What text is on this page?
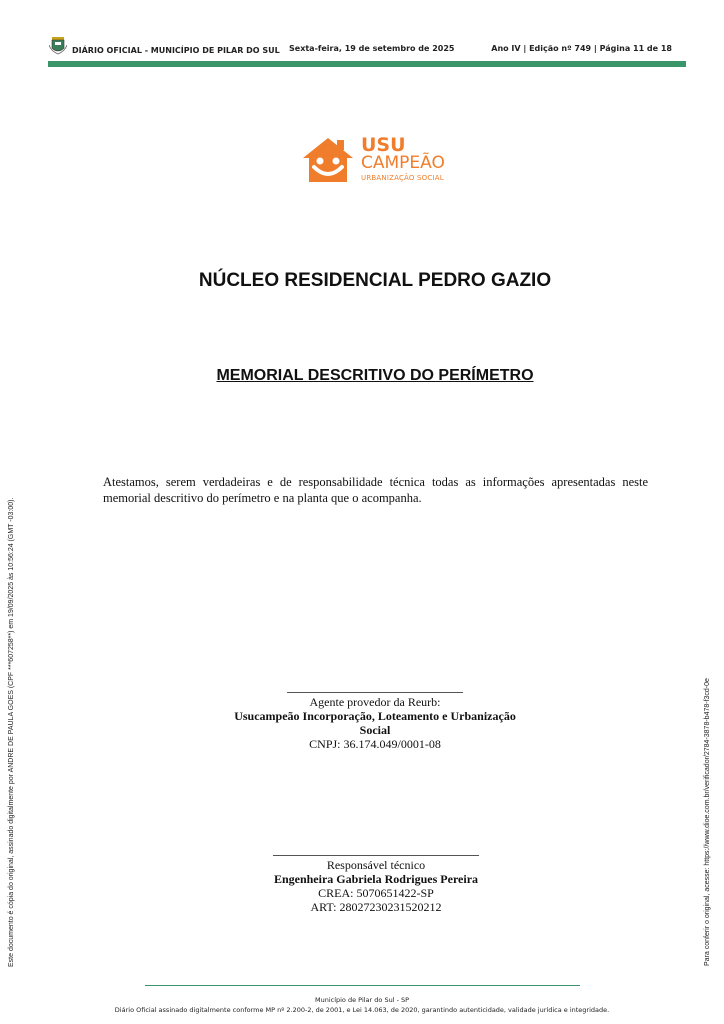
DIÁRIO OFICIAL - MUNICÍPIO DE PILAR DO SUL Sexta-feira, 19 de setembro de 2025	Ano IV | Edição nº 749 | Página 11 de 18
USU
CAMPEÃO
URBANIZAÇÃO SOCIAL
NÚCLEO RESIDENCIAL PEDRO GAZIO
MEMORIAL DESCRITIVO DO PERÍMETRO
Atestamos, serem verdadeiras e de responsabilidade técnica todas as informações apresentadas neste memorial descritivo do perímetro e na planta que o acompanha.
Agente provedor da Reurb:
Usucampeão Incorporação, Loteamento e Urbanização Social
CNPJ: 36.174.049/0001-08
Responsável técnico
Engenheira Gabriela Rodrigues Pereira
CREA: 5070651422-SP
ART: 28027230231520212
Este documento é cópia do original, assinado digitalmente por ANDRE DE PAULA GOES (CPF ***607258**) em 19/09/2025 às 10:56:24 (GMT -03:00).	Para conferir o original, acesse: https://www.dioe.com.br/verificador/2784-3878-b478-f3cd-0e
Município de Pilar do Sul - SP
Diário Oficial assinado digitalmente conforme MP nº 2.200-2, de 2001, e Lei 14.063, de 2020, garantindo autenticidade, validade jurídica e integridade.
